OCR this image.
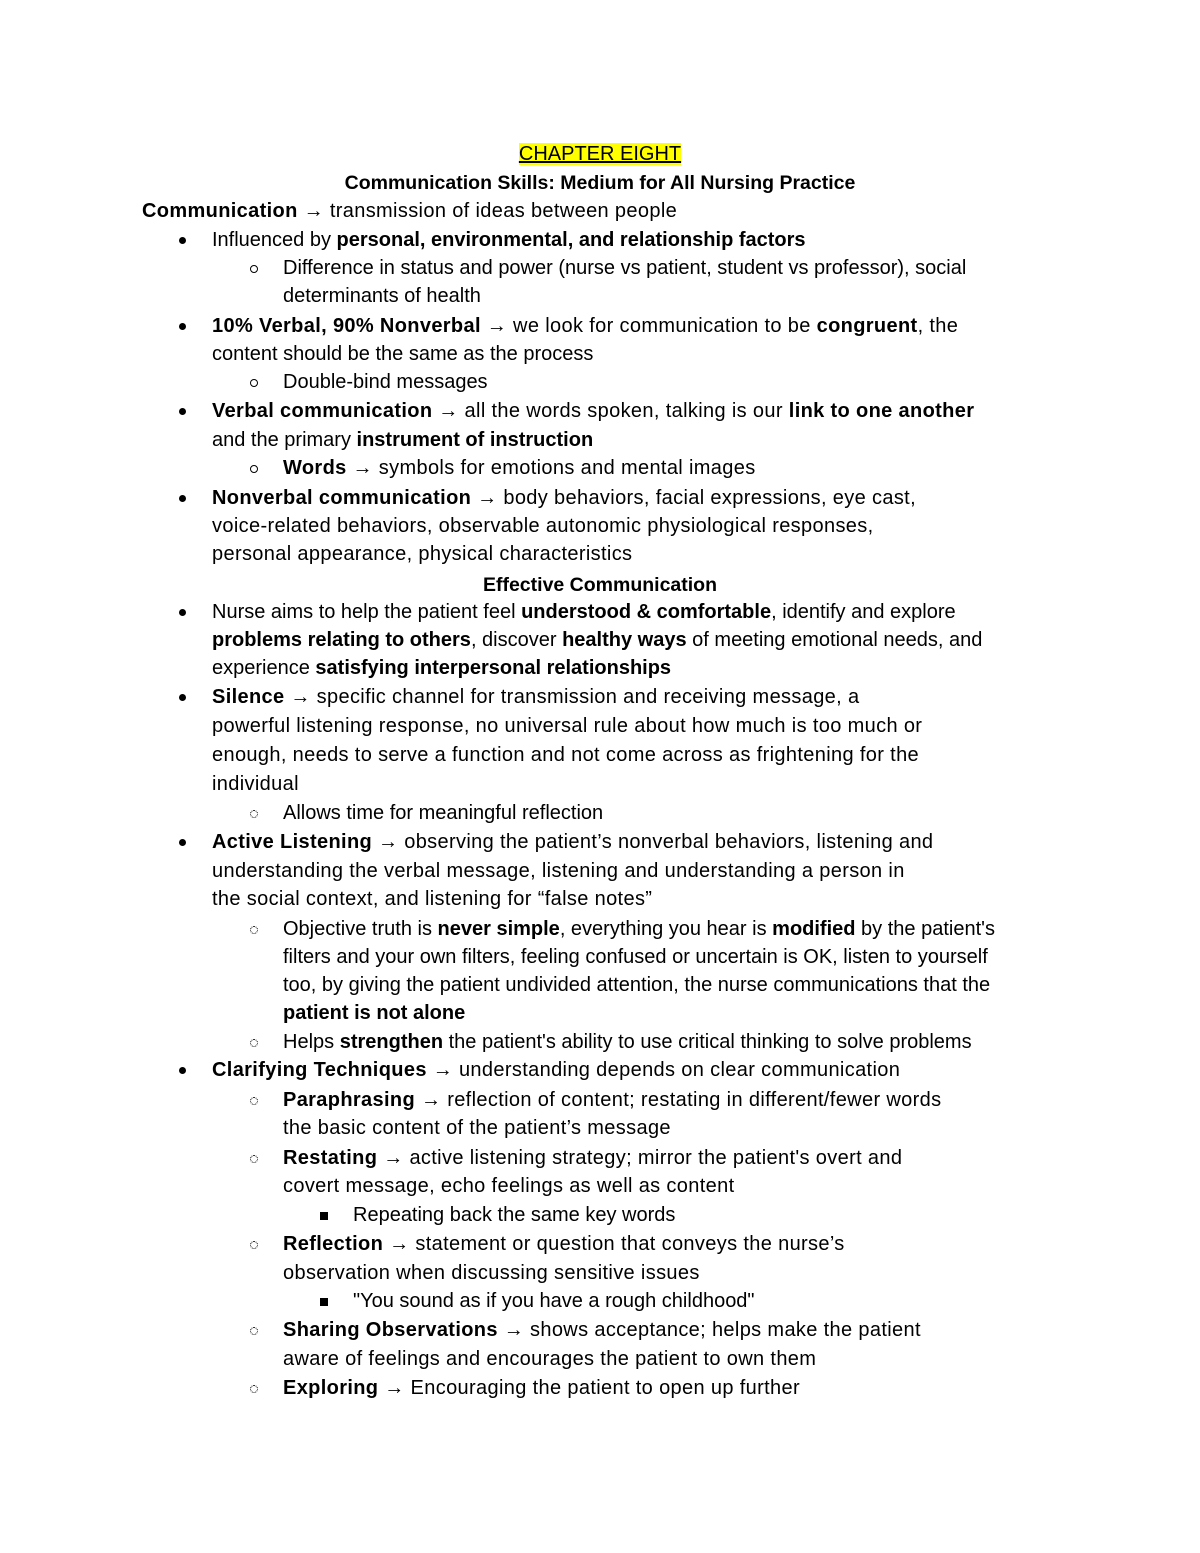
CHAPTER EIGHT
Communication Skills: Medium for All Nursing Practice
Effective Communication
Communication → transmission of ideas between people
Influenced by personal, environmental, and relationship factors
Difference in status and power (nurse vs patient, student vs professor), social
determinants of health
10% Verbal, 90% Nonverbal → we look for communication to be congruent, the
content should be the same as the process
Double-bind messages
Verbal communication → all the words spoken, talking is our link to one another
and the primary instrument of instruction
Words → symbols for emotions and mental images
Nonverbal communication → body behaviors, facial expressions, eye cast,
voice-related behaviors, observable autonomic physiological responses,
personal appearance, physical characteristics
Nurse aims to help the patient feel understood & comfortable, identify and explore
problems relating to others, discover healthy ways of meeting emotional needs, and
experience satisfying interpersonal relationships
Silence → specific channel for transmission and receiving message, a
powerful listening response, no universal rule about how much is too much or
enough, needs to serve a function and not come across as frightening for the
individual
Allows time for meaningful reflection
Active Listening → observing the patient’s nonverbal behaviors, listening and
understanding the verbal message, listening and understanding a person in
the social context, and listening for “false notes”
Objective truth is never simple, everything you hear is modified by the patient's
filters and your own filters, feeling confused or uncertain is OK, listen to yourself
too, by giving the patient undivided attention, the nurse communications that the
patient is not alone
Helps strengthen the patient's ability to use critical thinking to solve problems
Clarifying Techniques → understanding depends on clear communication
Paraphrasing → reflection of content; restating in different/fewer words
the basic content of the patient’s message
Restating → active listening strategy; mirror the patient's overt and
covert message, echo feelings as well as content
Repeating back the same key words
Reflection → statement or question that conveys the nurse’s
observation when discussing sensitive issues
"You sound as if you have a rough childhood"
Sharing Observations → shows acceptance; helps make the patient
aware of feelings and encourages the patient to own them
Exploring → Encouraging the patient to open up further
